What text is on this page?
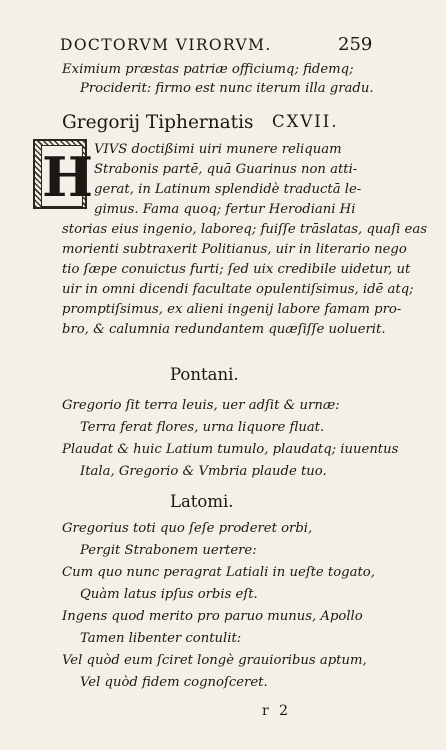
DOCTORVM VIRORVM.	259
Eximium præstas patriæ officiumq; fidemq;
Prociderit: firmo est nunc iterum illa gradu.
Gregorij Tiphernatis CXVII.
H VIVS doctißimi uiri munere reliquam
Strabonis partē, quā Guarinus non atti-
gerat, in Latinum splendidè traductā le-
gimus. Fama quoq; fertur Herodiani Hi
storias eius ingenio, laboreq; fuiſſe trāslatas, quaſi eas
morienti subtraxerit Politianus, uir in literario nego
tio ſæpe conuictus furti; ſed uix credibile uidetur, ut
uir in omni dicendi facultate opulentiſsimus, idē atq;
promptiſsimus, ex alieni ingenij labore famam pro-
bro, & calumnia redundantem quæſiſſe uoluerit.
Pontani.
Gregorio ſit terra leuis, uer adſit & urnæ:
Terra ferat flores, urna liquore fluat.
Plaudat & huic Latium tumulo, plaudatq; iuuentus
Itala, Gregorio & Vmbria plaude tuo.
Latomi.
Gregorius toti quo ſeſe proderet orbi,
Pergit Strabonem uertere:
Cum quo nunc peragrat Latiali in ueſte togato,
Quàm latus ipſus orbis eſt.
Ingens quod merito pro paruo munus, Apollo
Tamen libenter contulit:
Vel quòd eum ſciret longè grauioribus aptum,
Vel quòd fidem cognoſceret.
r 2
